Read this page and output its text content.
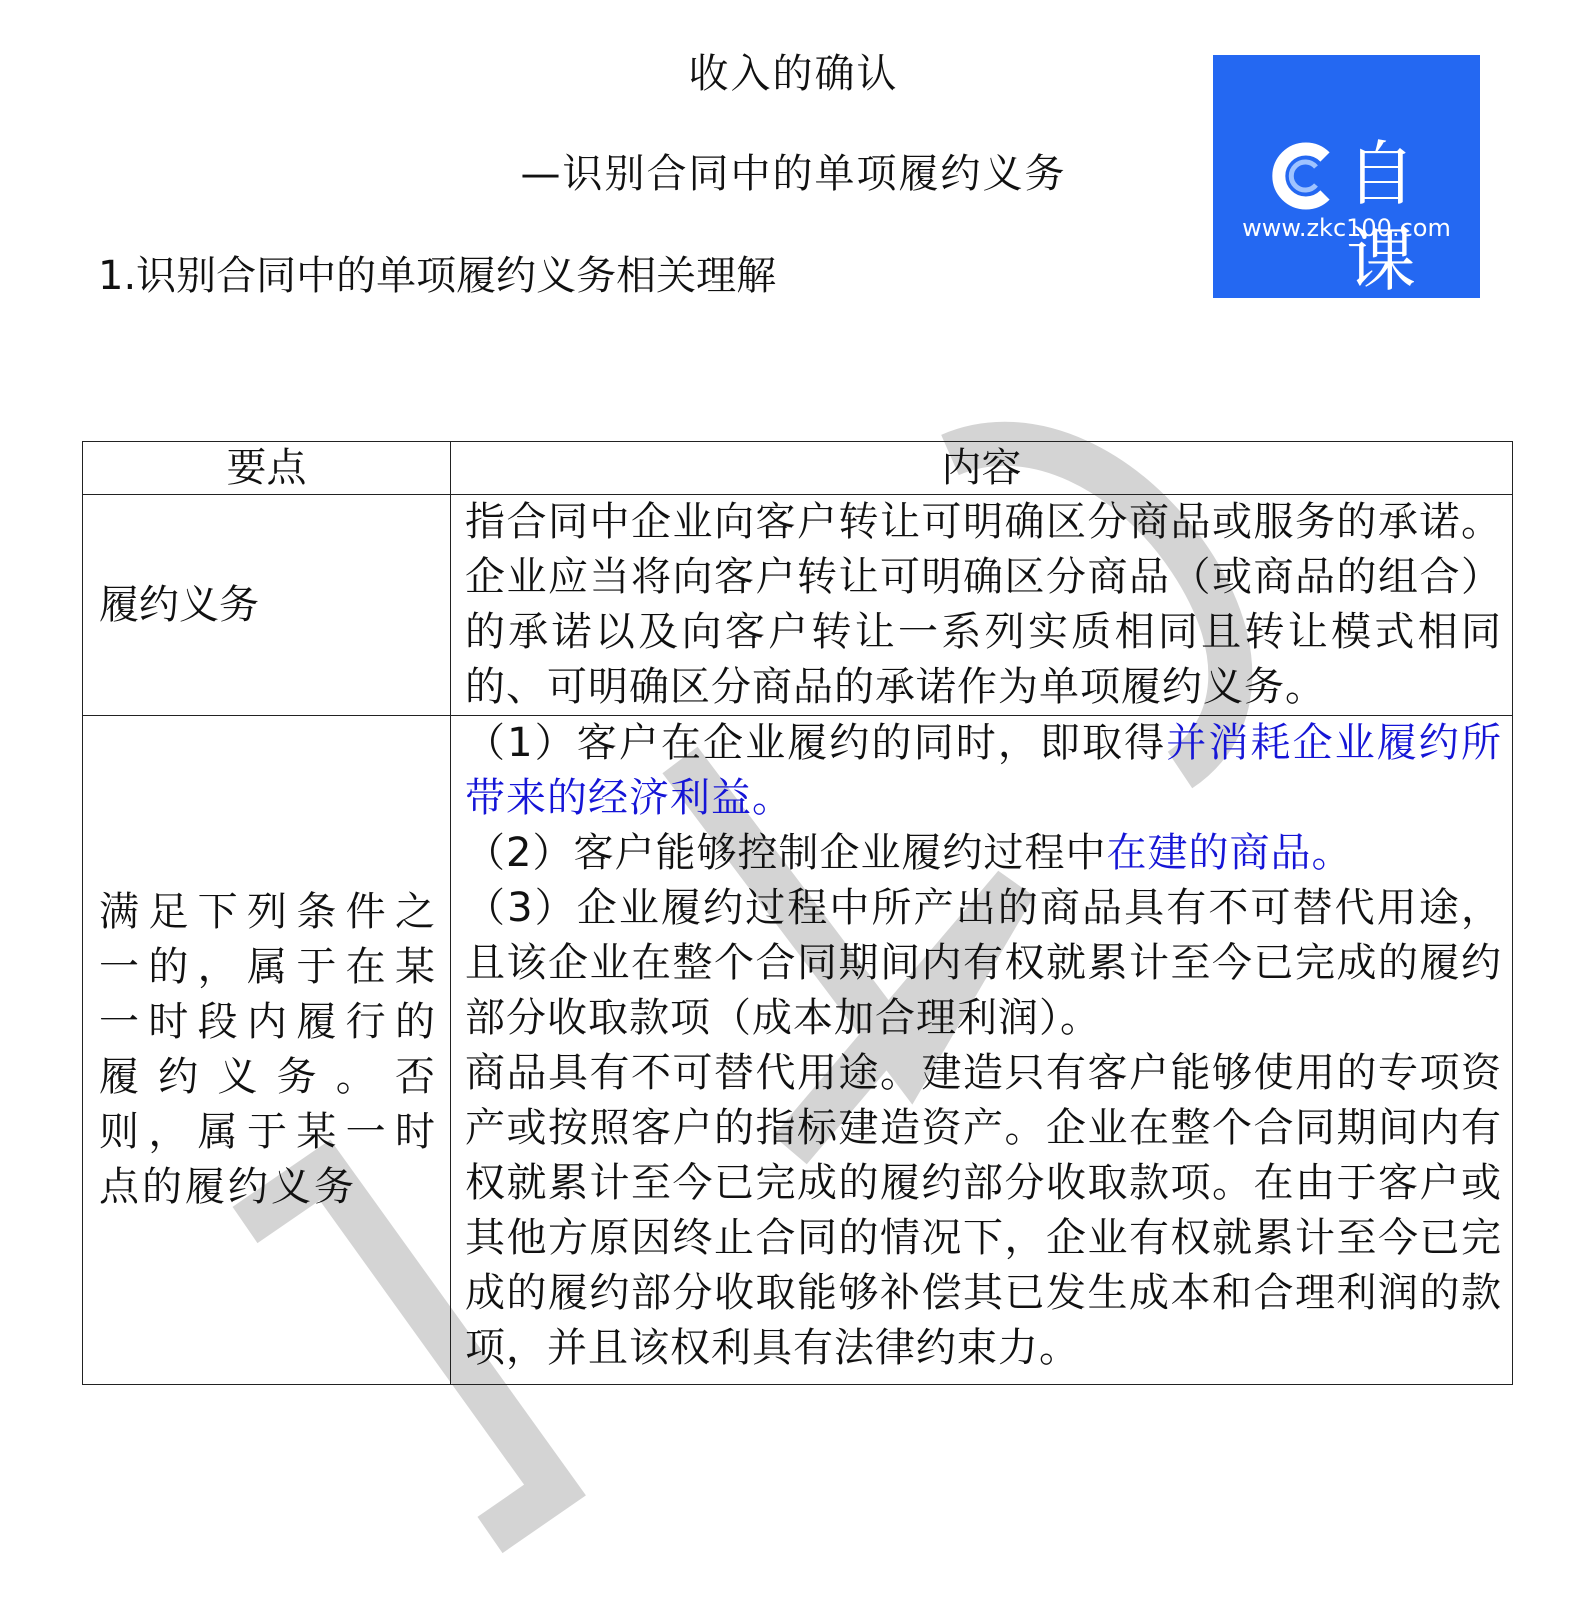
收入的确认
—识别合同中的单项履约义务
1.识别合同中的单项履约义务相关理解
自课
www.zkc100.com
要点	内容
履约义务	指合同中企业向客户转让可明确区分商品或服务的承诺。企业应当将向客户转让可明确区分商品（或商品的组合）的承诺以及向客户转让一系列实质相同且转让模式相同的、可明确区分商品的承诺作为单项履约义务。
满足下列条件之一的，属于在某一时段内履行的履约义务。否则，属于某一时点的履约义务	（1）客户在企业履约的同时，即取得并消耗企业履约所带来的经济利益。

（2）客户能够控制企业履约过程中在建的商品。

（3）企业履约过程中所产出的商品具有不可替代用途，且该企业在整个合同期间内有权就累计至今已完成的履约部分收取款项（成本加合理利润）。

商品具有不可替代用途。建造只有客户能够使用的专项资产或按照客户的指标建造资产。企业在整个合同期间内有权就累计至今已完成的履约部分收取款项。在由于客户或其他方原因终止合同的情况下，企业有权就累计至今已完成的履约部分收取能够补偿其已发生成本和合理利润的款项，并且该权利具有法律约束力。
